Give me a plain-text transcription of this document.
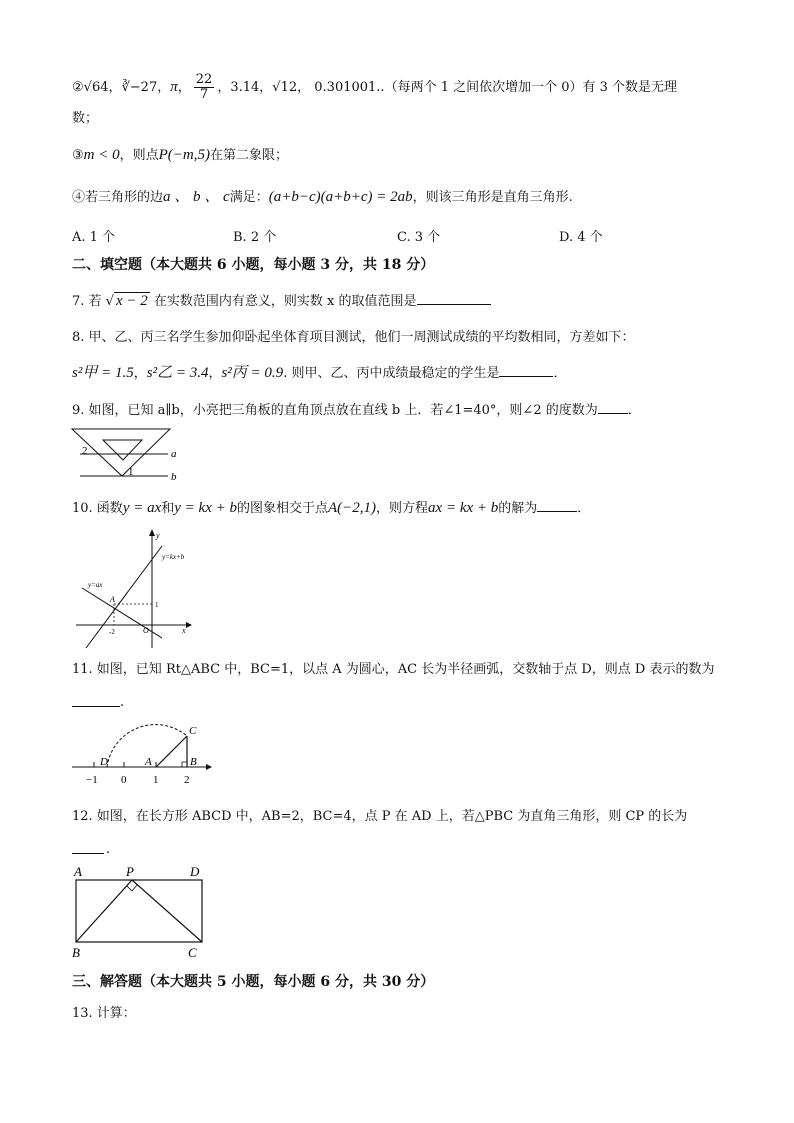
②√64，∛−27，π， $\frac{22}{7}$ ，3.14，√12， 0.301001..（每两个 1 之间依次增加一个 0）有 3 个数是无理
数；
③m < 0，则点P(−m,5)在第二象限；
④若三角形的边a 、 b 、 c满足：(a+b−c)(a+b+c) = 2ab，则该三角形是直角三角形.
A. 1 个	B. 2 个	C. 3 个	D. 4 个
二、填空题（本大题共 6 小题，每小题 3 分，共 18 分）
7. 若 √ x − 2 在实数范围内有意义，则实数 x 的取值范围是
8. 甲、乙、丙三名学生参加仰卧起坐体育项目测试，他们一周测试成绩的平均数相同，方差如下：
s²甲 = 1.5，s²乙 = 3.4，s²丙 = 0.9. 则甲、乙、丙中成绩最稳定的学生是	．
9. 如图，已知 a∥b，小亮把三角板的直角顶点放在直线 b 上．若∠1=40°，则∠2 的度数为 ．
2
1
a
b
10. 函数y = ax和y = kx + b的图象相交于点A(−2,1)，则方程ax = kx + b的解为	．
y
x
O
A
-2
1
y=kx+b
y=ax
11. 如图，已知 Rt△ABC 中，BC=1，以点 A 为圆心，AC 长为半径画弧，交数轴于点 D，则点 D 表示的数为
.
D	A	B
C
−1 0 1 2
12. 如图，在长方形 ABCD 中，AB=2，BC=4，点 P 在 AD 上，若△PBC 为直角三角形，则 CP 的长为
.
A	P	D
B	C
三、解答题（本大题共 5 小题，每小题 6 分，共 30 分）
13. 计算：
